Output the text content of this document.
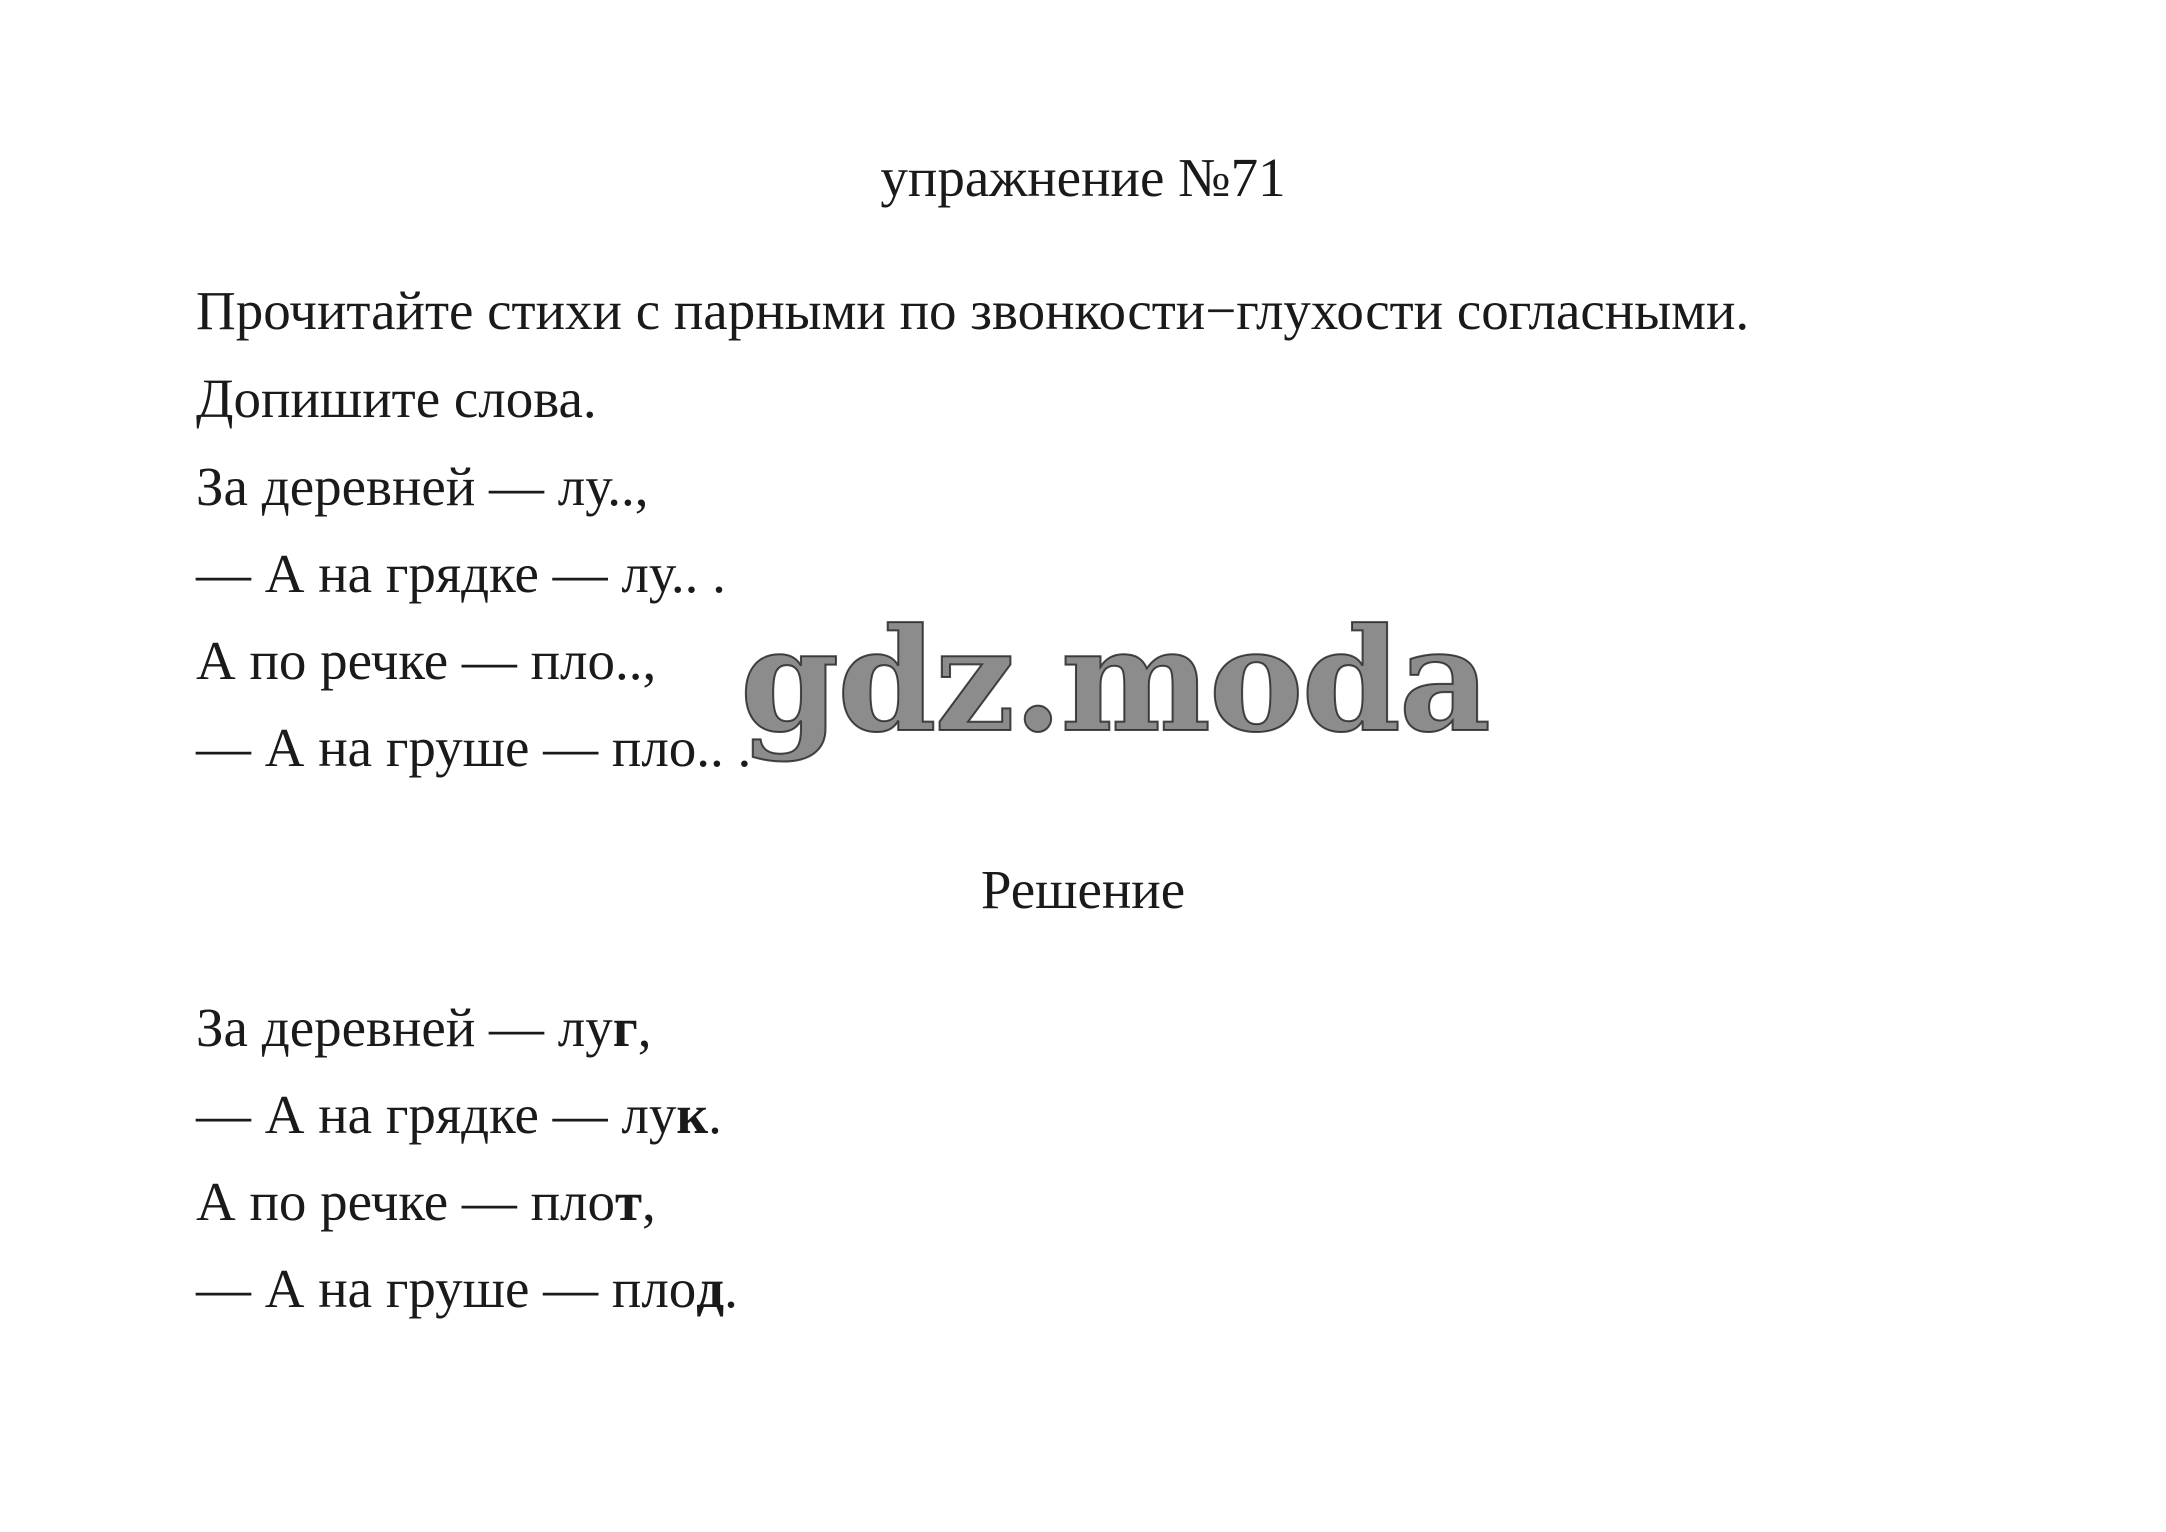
упражнение №71
Прочитайте стихи с парными по звонкости−глухости согласными.
Допишите слова.
За деревней — лу..,
— А на грядке — лу.. .
А по речке — пло..,
— А на груше — пло.. .
Решение
За деревней — луг,
— А на грядке — лук.
А по речке — плот,
— А на груше — плод.
gdz.moda
